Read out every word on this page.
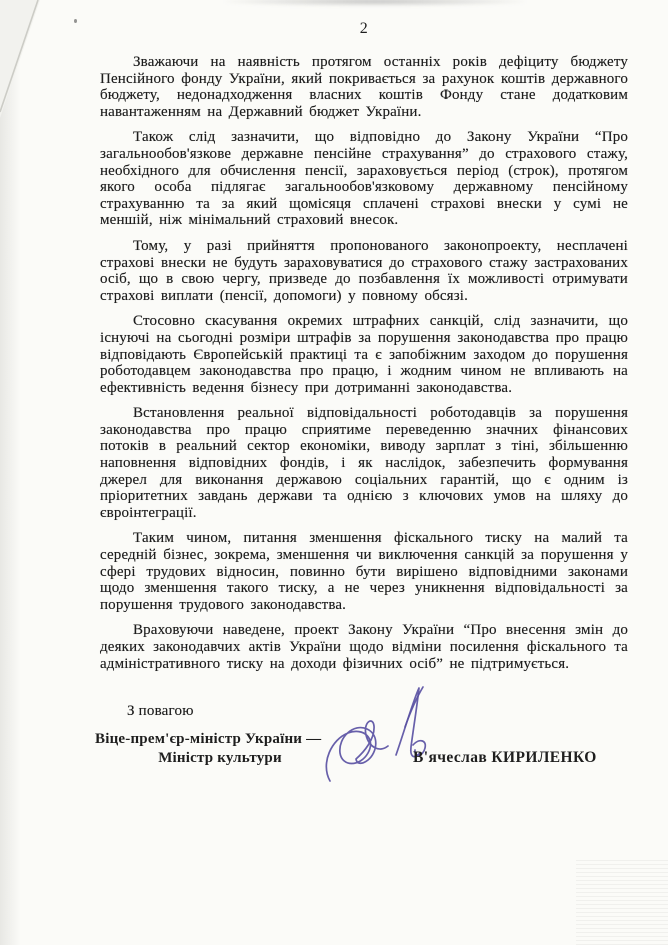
2

Зважаючи на наявність протягом останніх років дефіциту бюджету Пенсійного фонду України, який покривається за рахунок коштів державного бюджету, недонадходження власних коштів Фонду стане додатковим навантаженням на Державний бюджет України.

Також слід зазначити, що відповідно до Закону України “Про загальнообов'язкове державне пенсійне страхування” до страхового стажу, необхідного для обчислення пенсії, зараховується період (строк), протягом якого особа підлягає загальнообов'язковому державному пенсійному страхуванню та за який щомісяця сплачені страхові внески у сумі не меншій, ніж мінімальний страховий внесок.

Тому, у разі прийняття пропонованого законопроекту, несплачені страхові внески не будуть зараховуватися до страхового стажу застрахованих осіб, що в свою чергу, призведе до позбавлення їх можливості отримувати страхові виплати (пенсії, допомоги) у повному обсязі.

Стосовно скасування окремих штрафних санкцій, слід зазначити, що існуючі на сьогодні розміри штрафів за порушення законодавства про працю відповідають Європейській практиці та є запобіжним заходом до порушення роботодавцем законодавства про працю, і жодним чином не впливають на ефективність ведення бізнесу при дотриманні законодавства.

Встановлення реальної відповідальності роботодавців за порушення законодавства про працю сприятиме переведенню значних фінансових потоків в реальний сектор економіки, виводу зарплат з тіні, збільшенню наповнення відповідних фондів, і як наслідок, забезпечить формування джерел для виконання державою соціальних гарантій, що є одним із пріоритетних завдань держави та однією з ключових умов на шляху до євроінтеграції.

Таким чином, питання зменшення фіскального тиску на малий та середній бізнес, зокрема, зменшення чи виключення санкцій за порушення у сфері трудових відносин, повинно бути вирішено відповідними законами щодо зменшення такого тиску, а не через уникнення відповідальності за порушення трудового законодавства.

Враховуючи наведене, проект Закону України “Про внесення змін до деяких законодавчих актів України щодо відміни посилення фіскального та адміністративного тиску на доходи фізичних осіб” не підтримується.

З повагою
Віце-прем'єр-міністр України —
Міністр культури	В'ячеслав КИРИЛЕНКО
